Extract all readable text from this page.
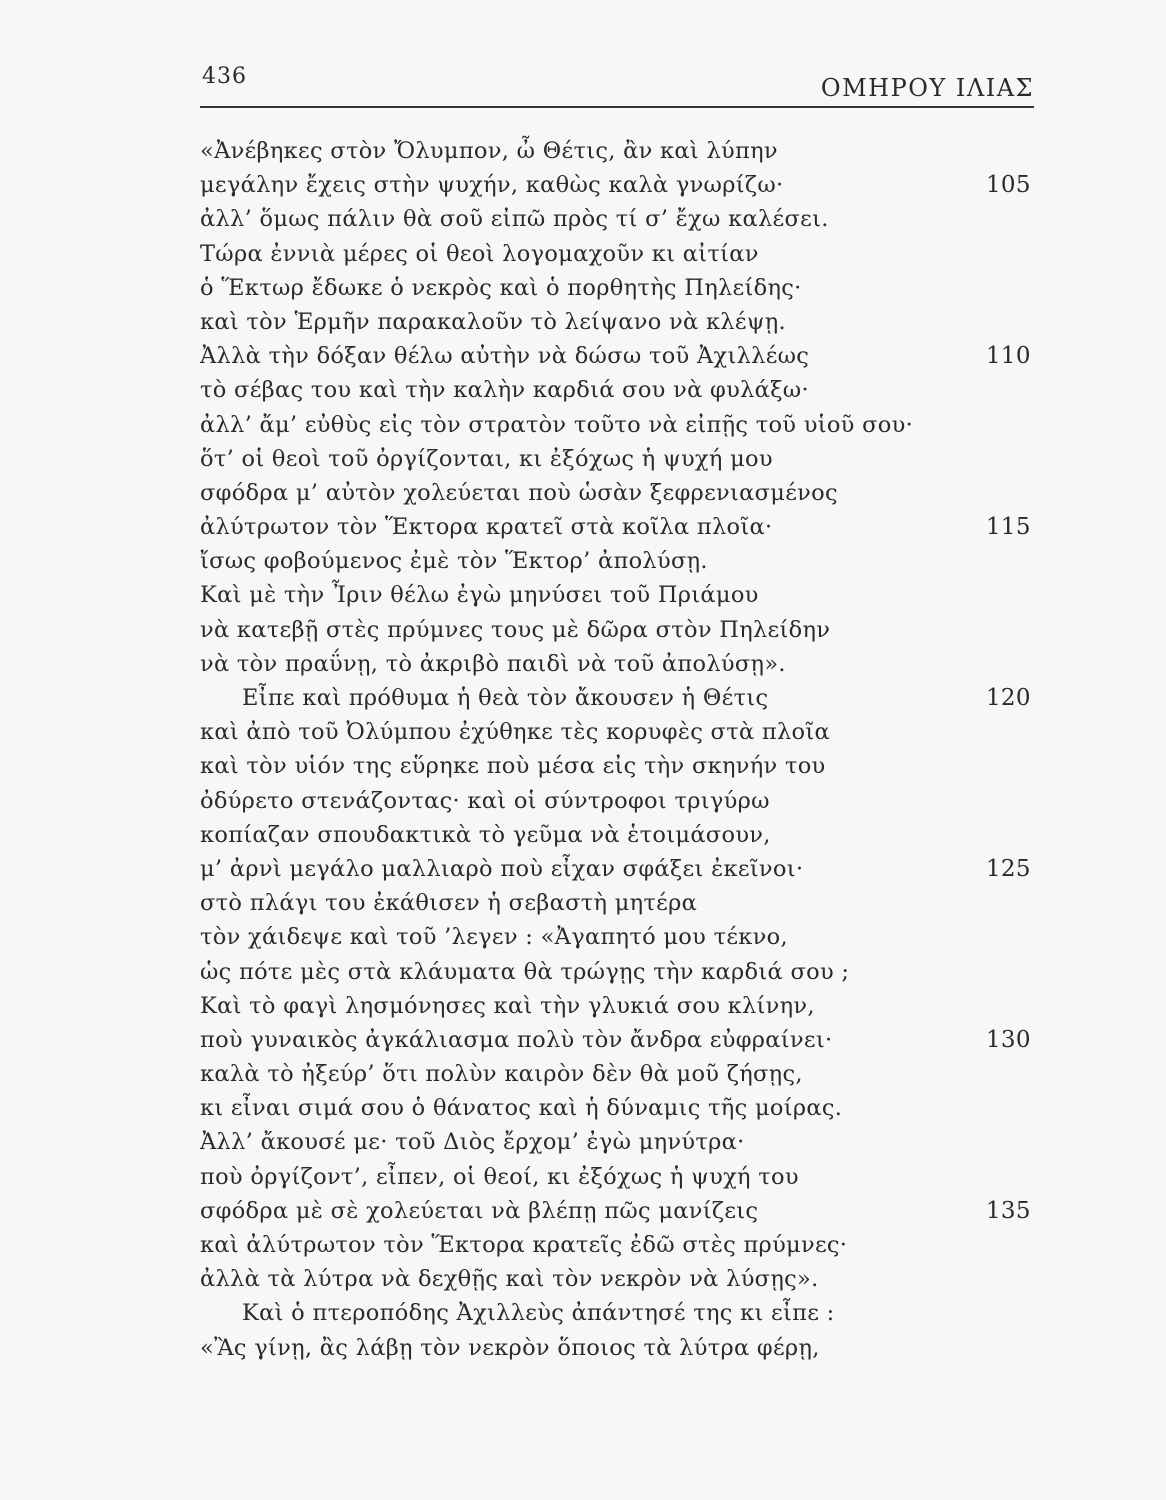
436	ΟΜΗΡΟΥ ΙΛΙΑΣ
«Ἀνέβηκες στὸν Ὄλυμπον, ὦ Θέτις, ἂν καὶ λύπην
μεγάλην ἔχεις στὴν ψυχήν, καθὼς καλὰ γνωρίζω·	105
ἀλλ’ ὅμως πάλιν θὰ σοῦ εἰπῶ πρὸς τί σ’ ἔχω καλέσει.
Τώρα ἐννιὰ μέρες οἱ θεοὶ λογομαχοῦν κι αἰτίαν
ὁ Ἕκτωρ ἔδωκε ὁ νεκρὸς καὶ ὁ πορθητὴς Πηλείδης·
καὶ τὸν Ἑρμῆν παρακαλοῦν τὸ λείψανο νὰ κλέψῃ.
Ἀλλὰ τὴν δόξαν θέλω αὐτὴν νὰ δώσω τοῦ Ἀχιλλέως	110
τὸ σέβας του καὶ τὴν καλὴν καρδιά σου νὰ φυλάξω·
ἀλλ’ ἄμ’ εὐθὺς εἰς τὸν στρατὸν τοῦτο νὰ εἰπῇς τοῦ υἱοῦ σου·
ὅτ’ οἱ θεοὶ τοῦ ὀργίζονται, κι ἐξόχως ἡ ψυχή μου
σφόδρα μ’ αὐτὸν χολεύεται ποὺ ὡσὰν ξεφρενιασμένος
ἀλύτρωτον τὸν Ἕκτορα κρατεῖ στὰ κοῖλα πλοῖα·	115
ἴσως φοβούμενος ἐμὲ τὸν Ἕκτορ’ ἀπολύσῃ.
Καὶ μὲ τὴν Ἶριν θέλω ἐγὼ μηνύσει τοῦ Πριάμου
νὰ κατεβῇ στὲς πρύμνες τους μὲ δῶρα στὸν Πηλείδην
νὰ τὸν πραΰνῃ, τὸ ἀκριβὸ παιδὶ νὰ τοῦ ἀπολύσῃ».
Εἶπε καὶ πρόθυμα ἡ θεὰ τὸν ἄκουσεν ἡ Θέτις	120
καὶ ἀπὸ τοῦ Ὀλύμπου ἐχύθηκε τὲς κορυφὲς στὰ πλοῖα
καὶ τὸν υἱόν της εὕρηκε ποὺ μέσα εἰς τὴν σκηνήν του
ὀδύρετο στενάζοντας· καὶ οἱ σύντροφοι τριγύρω
κοπίαζαν σπουδακτικὰ τὸ γεῦμα νὰ ἑτοιμάσουν,
μ’ ἀρνὶ μεγάλο μαλλιαρὸ ποὺ εἶχαν σφάξει ἐκεῖνοι·	125
στὸ πλάγι του ἐκάθισεν ἡ σεβαστὴ μητέρα
τὸν χάιδεψε καὶ τοῦ ’λεγεν : «Ἀγαπητό μου τέκνο,
ὡς πότε μὲς στὰ κλάυματα θὰ τρώγῃς τὴν καρδιά σου ;
Καὶ τὸ φαγὶ λησμόνησες καὶ τὴν γλυκιά σου κλίνην,
ποὺ γυναικὸς ἀγκάλιασμα πολὺ τὸν ἄνδρα εὐφραίνει·	130
καλὰ τὸ ἠξεύρ’ ὅτι πολὺν καιρὸν δὲν θὰ μοῦ ζήσῃς,
κι εἶναι σιμά σου ὁ θάνατος καὶ ἡ δύναμις τῆς μοίρας.
Ἀλλ’ ἄκουσέ με· τοῦ Διὸς ἔρχομ’ ἐγὼ μηνύτρα·
ποὺ ὀργίζοντ’, εἶπεν, οἱ θεοί, κι ἐξόχως ἡ ψυχή του
σφόδρα μὲ σὲ χολεύεται νὰ βλέπῃ πῶς μανίζεις	135
καὶ ἀλύτρωτον τὸν Ἕκτορα κρατεῖς ἐδῶ στὲς πρύμνες·
ἀλλὰ τὰ λύτρα νὰ δεχθῇς καὶ τὸν νεκρὸν νὰ λύσῃς».
Καὶ ὁ πτεροπόδης Ἀχιλλεὺς ἀπάντησέ της κι εἶπε :
«Ἂς γίνῃ, ἂς λάβῃ τὸν νεκρὸν ὅποιος τὰ λύτρα φέρῃ,
